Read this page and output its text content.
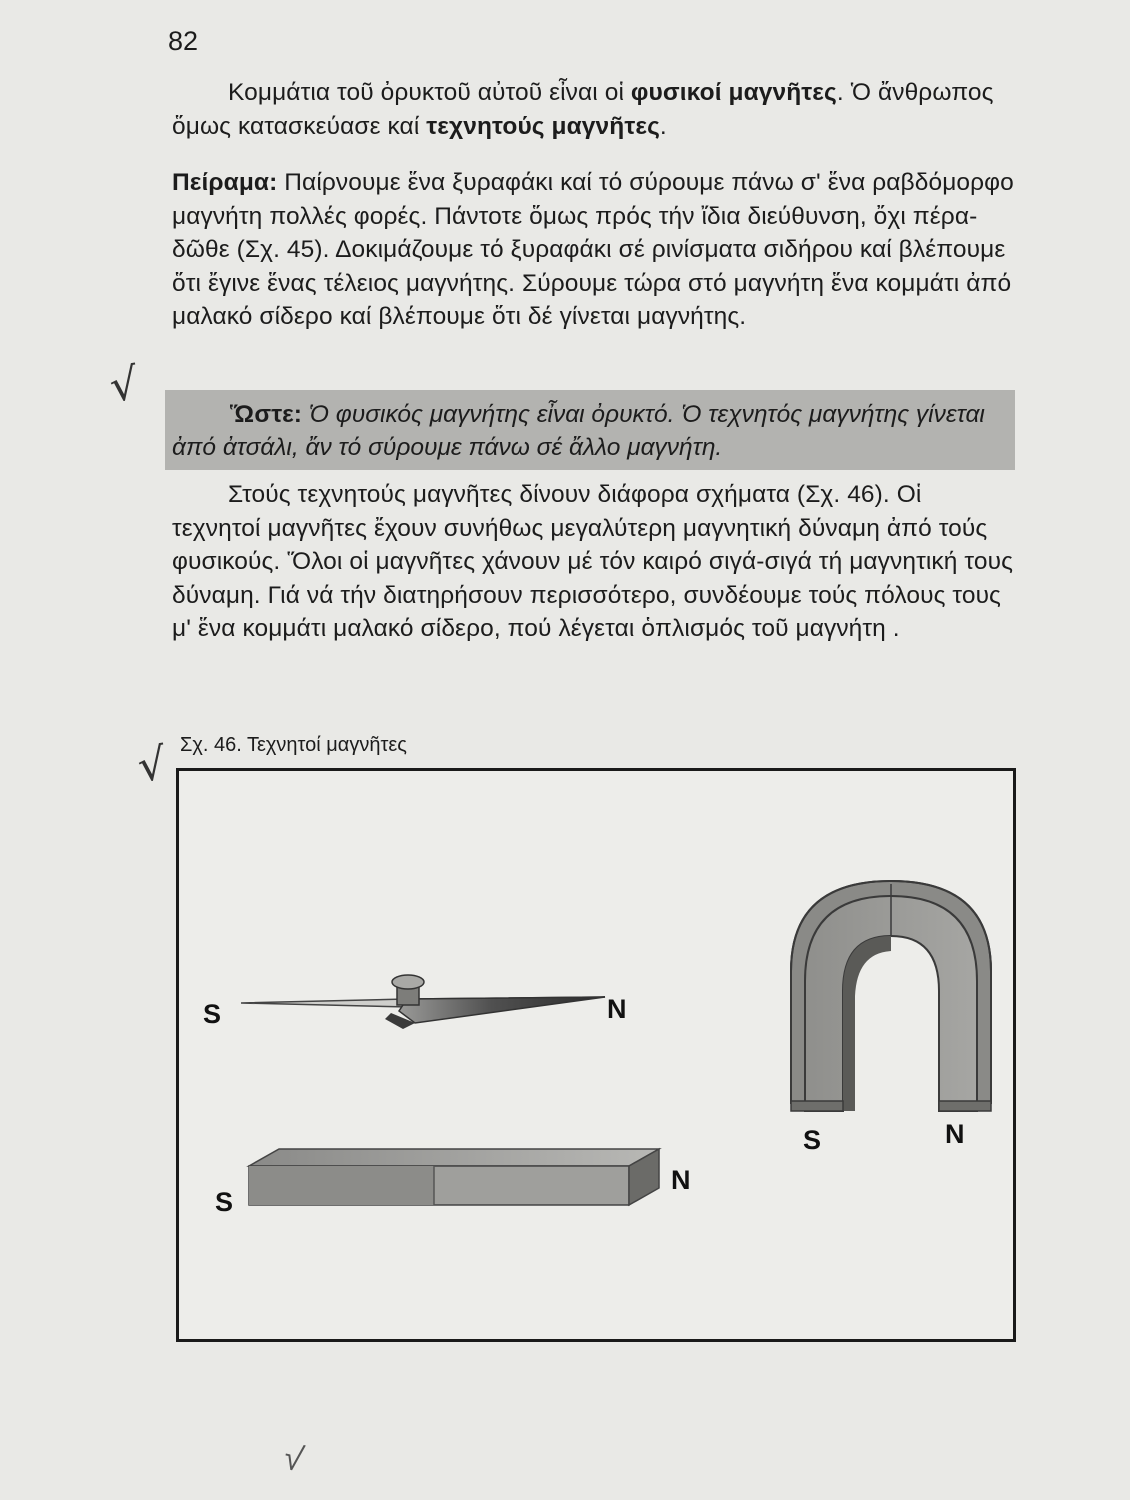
82

Κομμάτια τοῦ ὀρυκτοῦ αὐτοῦ εἶναι οἱ φυσικοί μαγνῆτες. Ὁ ἄνθρωπος ὅμως κατασκεύασε καί τεχνητούς μαγνῆτες.

Πείραμα: Παίρνουμε ἕνα ξυραφάκι καί τό σύρουμε πάνω σ' ἕνα ραβδόμορφο μαγνήτη πολλές φορές. Πάντοτε ὅμως πρός τήν ἴδια διεύθυνση, ὄχι πέρα-δῶθε (Σχ. 45). Δοκιμάζουμε τό ξυραφάκι σέ ρινίσματα σιδήρου καί βλέπουμε ὅτι ἔγινε ἕνας τέλειος μαγνήτης. Σύρουμε τώρα στό μαγνήτη ἕνα κομμάτι ἀπό μαλακό σίδερο καί βλέπουμε ὅτι δέ γίνεται μαγνήτης.

√

Ὥστε: Ὁ φυσικός μαγνήτης εἶναι ὀρυκτό. Ὁ τεχνητός μαγνήτης γίνεται ἀπό ἀτσάλι, ἄν τό σύρουμε πάνω σέ ἄλλο μαγνήτη.

Στούς τεχνητούς μαγνῆτες δίνουν διάφορα σχήματα (Σχ. 46). Οἱ τεχνητοί μαγνῆτες ἔχουν συνήθως μεγαλύτερη μαγνητική δύναμη ἀπό τούς φυσικούς. Ὅλοι οἱ μαγνῆτες χάνουν μέ τόν καιρό σιγά-σιγά τή μαγνητική τους δύναμη. Γιά νά τήν διατηρήσουν περισσότερο, συνδέουμε τούς πόλους τους μ' ἕνα κομμάτι μαλακό σίδερο, πού λέγεται ὁπλισμός τοῦ μαγνήτη .

√ Σχ. 46. Τεχνητοί μαγνῆτες
S	N
S
N
S	N
√
